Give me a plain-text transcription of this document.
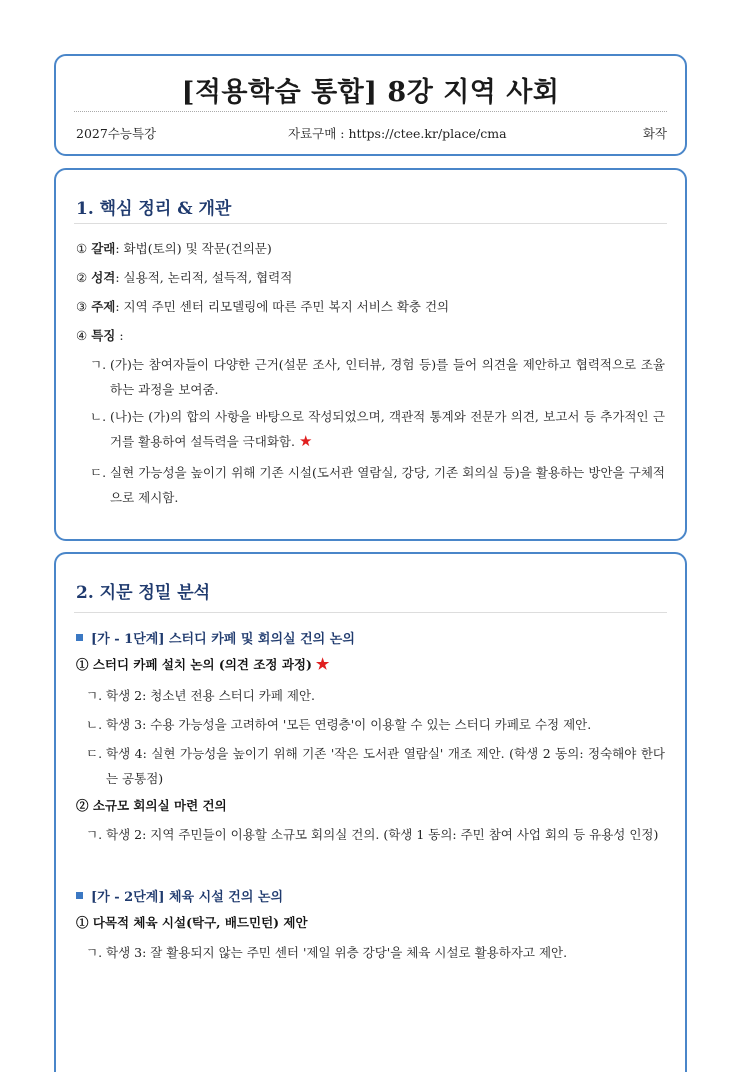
[적용학습 통합] 8강 지역 사회
2027수능특강	자료구매 : https://ctee.kr/place/cma	화작
1. 핵심 정리 & 개관
① 갈래: 화법(토의) 및 작문(건의문)
② 성격: 실용적, 논리적, 설득적, 협력적
③ 주제: 지역 주민 센터 리모델링에 따른 주민 복지 서비스 확충 건의
④ 특징 :
ㄱ. (가)는 참여자들이 다양한 근거(설문 조사, 인터뷰, 경험 등)를 들어 의견을 제안하고 협력적으로 조율하는 과정을 보여줌.
ㄴ. (나)는 (가)의 합의 사항을 바탕으로 작성되었으며, 객관적 통계와 전문가 의견, 보고서 등 추가적인 근거를 활용하여 설득력을 극대화함. ★
ㄷ. 실현 가능성을 높이기 위해 기존 시설(도서관 열람실, 강당, 기존 회의실 등)을 활용하는 방안을 구체적으로 제시함.
2. 지문 정밀 분석
[가 - 1단계] 스터디 카페 및 회의실 건의 논의
① 스터디 카페 설치 논의 (의견 조정 과정) ★
ㄱ. 학생 2: 청소년 전용 스터디 카페 제안.
ㄴ. 학생 3: 수용 가능성을 고려하여 '모든 연령층'이 이용할 수 있는 스터디 카페로 수정 제안.
ㄷ. 학생 4: 실현 가능성을 높이기 위해 기존 '작은 도서관 열람실' 개조 제안. (학생 2 동의: 정숙해야 한다는 공통점)
② 소규모 회의실 마련 건의
ㄱ. 학생 2: 지역 주민들이 이용할 소규모 회의실 건의. (학생 1 동의: 주민 참여 사업 회의 등 유용성 인정)
[가 - 2단계] 체육 시설 건의 논의
① 다목적 체육 시설(탁구, 배드민턴) 제안
ㄱ. 학생 3: 잘 활용되지 않는 주민 센터 '제일 위층 강당'을 체육 시설로 활용하자고 제안.
